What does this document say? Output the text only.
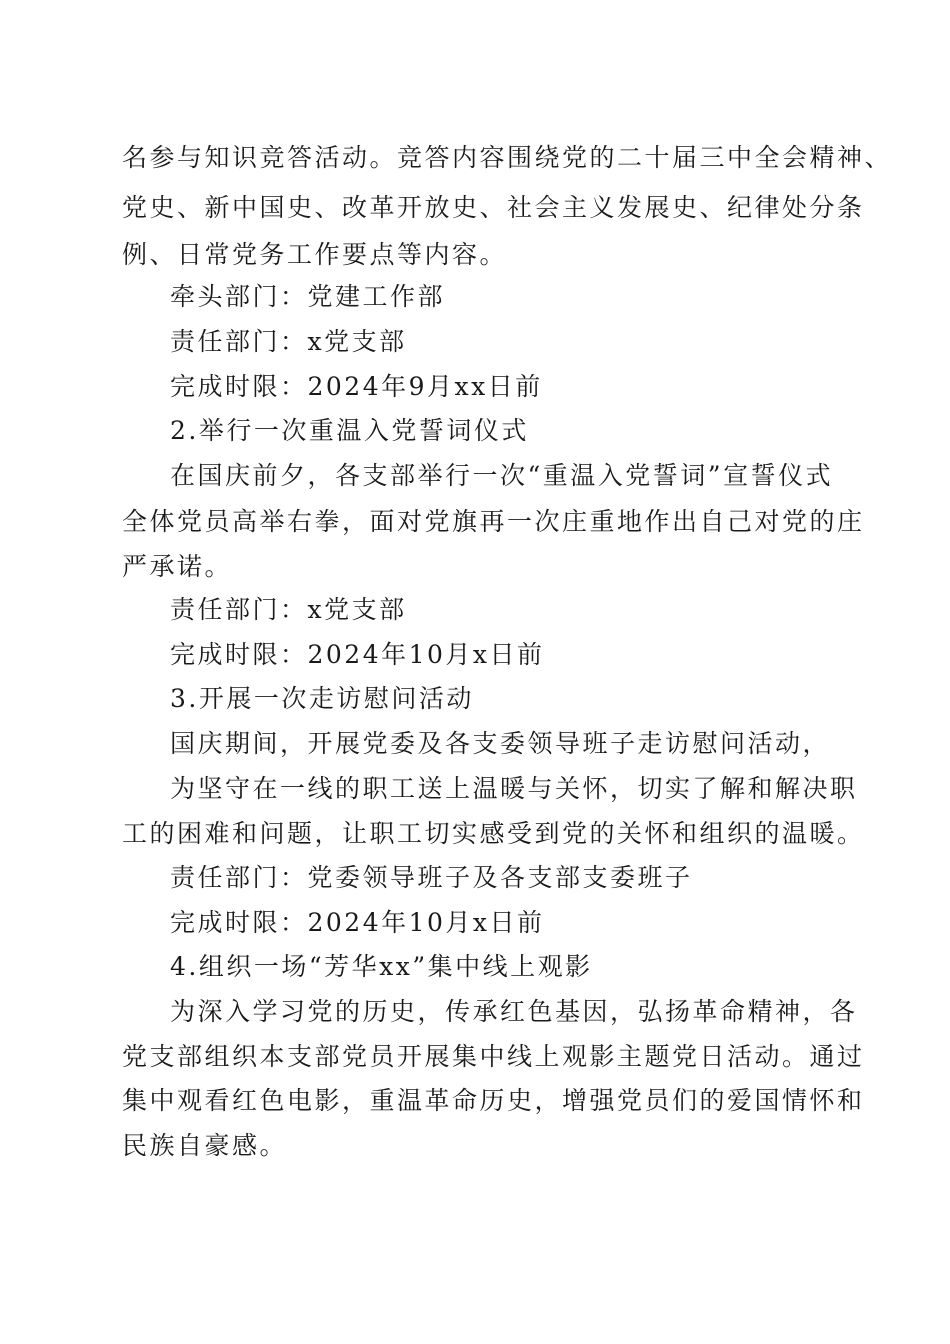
名参与知识竞答活动。竞答内容围绕党的二十届三中全会精神、
党史、新中国史、改革开放史、社会主义发展史、纪律处分条
例、日常党务工作要点等内容。
牵头部门：党建工作部
责任部门：x党支部
完成时限：2024年9月xx日前
2.举行一次重温入党誓词仪式
在国庆前夕，各支部举行一次“重温入党誓词”宣誓仪式
全体党员高举右拳，面对党旗再一次庄重地作出自己对党的庄
严承诺。
责任部门：x党支部
完成时限：2024年10月x日前
3.开展一次走访慰问活动
国庆期间，开展党委及各支委领导班子走访慰问活动，
为坚守在一线的职工送上温暖与关怀，切实了解和解决职
工的困难和问题，让职工切实感受到党的关怀和组织的温暖。
责任部门：党委领导班子及各支部支委班子
完成时限：2024年10月x日前
4.组织一场“芳华xx”集中线上观影
为深入学习党的历史，传承红色基因，弘扬革命精神，各
党支部组织本支部党员开展集中线上观影主题党日活动。通过
集中观看红色电影，重温革命历史，增强党员们的爱国情怀和
民族自豪感。
